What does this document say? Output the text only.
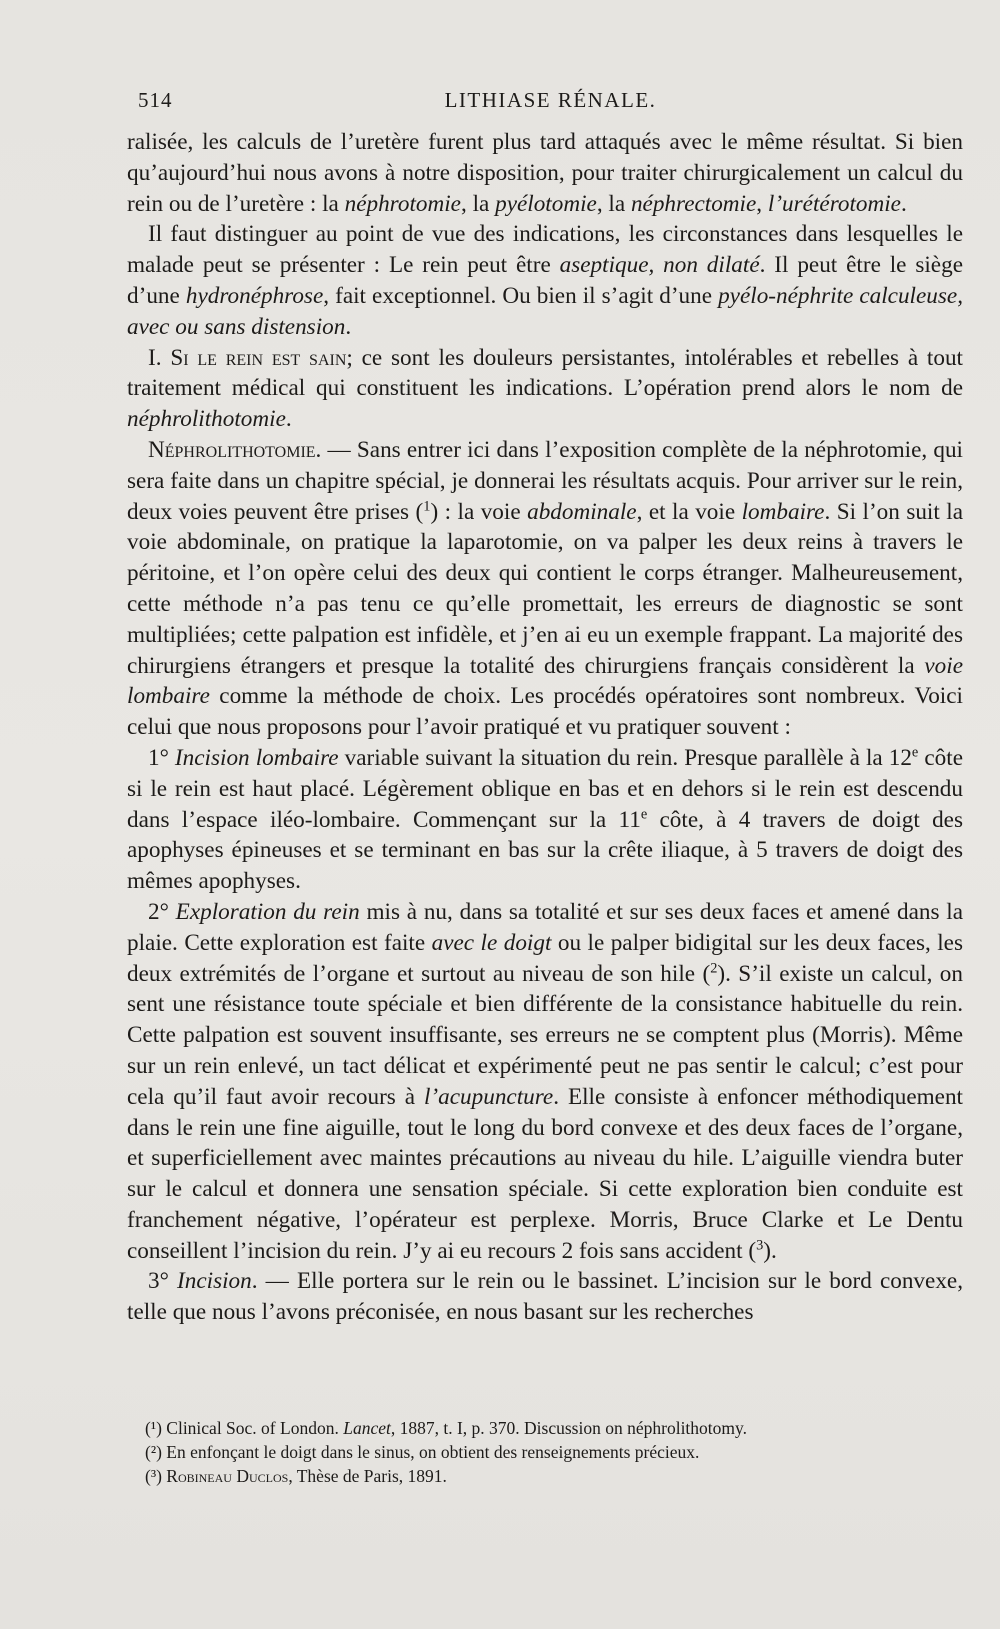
514	LITHIASE RÉNALE.

ralisée, les calculs de l’uretère furent plus tard attaqués avec le même résultat. Si bien qu’aujourd’hui nous avons à notre disposition, pour traiter chirurgicalement un calcul du rein ou de l’uretère : la néphrotomie, la pyélotomie, la néphrectomie, l’urétérotomie.

Il faut distinguer au point de vue des indications, les circonstances dans lesquelles le malade peut se présenter : Le rein peut être aseptique, non dilaté. Il peut être le siège d’une hydronéphrose, fait exceptionnel. Ou bien il s’agit d’une pyélo-néphrite calculeuse, avec ou sans distension.

I. Si le rein est sain; ce sont les douleurs persistantes, intolérables et rebelles à tout traitement médical qui constituent les indications. L’opération prend alors le nom de néphrolithotomie.

Néphrolithotomie. — Sans entrer ici dans l’exposition complète de la néphrotomie, qui sera faite dans un chapitre spécial, je donnerai les résultats acquis. Pour arriver sur le rein, deux voies peuvent être prises ($^1$) : la voie abdominale, et la voie lombaire. Si l’on suit la voie abdominale, on pratique la laparotomie, on va palper les deux reins à travers le péritoine, et l’on opère celui des deux qui contient le corps étranger. Malheureusement, cette méthode n’a pas tenu ce qu’elle promettait, les erreurs de diagnostic se sont multipliées; cette palpation est infidèle, et j’en ai eu un exemple frappant. La majorité des chirurgiens étrangers et presque la totalité des chirurgiens français considèrent la voie lombaire comme la méthode de choix. Les procédés opératoires sont nombreux. Voici celui que nous proposons pour l’avoir pratiqué et vu pratiquer souvent :

1° Incision lombaire variable suivant la situation du rein. Presque parallèle à la 12e côte si le rein est haut placé. Légèrement oblique en bas et en dehors si le rein est descendu dans l’espace iléo-lombaire. Commençant sur la 11e côte, à 4 travers de doigt des apophyses épineuses et se terminant en bas sur la crête iliaque, à 5 travers de doigt des mêmes apophyses.

2° Exploration du rein mis à nu, dans sa totalité et sur ses deux faces et amené dans la plaie. Cette exploration est faite avec le doigt ou le palper bidigital sur les deux faces, les deux extrémités de l’organe et surtout au niveau de son hile ($^2$). S’il existe un calcul, on sent une résistance toute spéciale et bien différente de la consistance habituelle du rein. Cette palpation est souvent insuffisante, ses erreurs ne se comptent plus (Morris). Même sur un rein enlevé, un tact délicat et expérimenté peut ne pas sentir le calcul; c’est pour cela qu’il faut avoir recours à l’acupuncture. Elle consiste à enfoncer méthodiquement dans le rein une fine aiguille, tout le long du bord convexe et des deux faces de l’organe, et superficiellement avec maintes précautions au niveau du hile. L’aiguille viendra buter sur le calcul et donnera une sensation spéciale. Si cette exploration bien conduite est franchement négative, l’opérateur est perplexe. Morris, Bruce Clarke et Le Dentu conseillent l’incision du rein. J’y ai eu recours 2 fois sans accident ($^3$).

3° Incision. — Elle portera sur le rein ou le bassinet. L’incision sur le bord convexe, telle que nous l’avons préconisée, en nous basant sur les recherches

(¹) Clinical Soc. of London. Lancet, 1887, t. I, p. 370. Discussion on néphrolithotomy.
(²) En enfonçant le doigt dans le sinus, on obtient des renseignements précieux.
(³) Robineau Duclos, Thèse de Paris, 1891.
